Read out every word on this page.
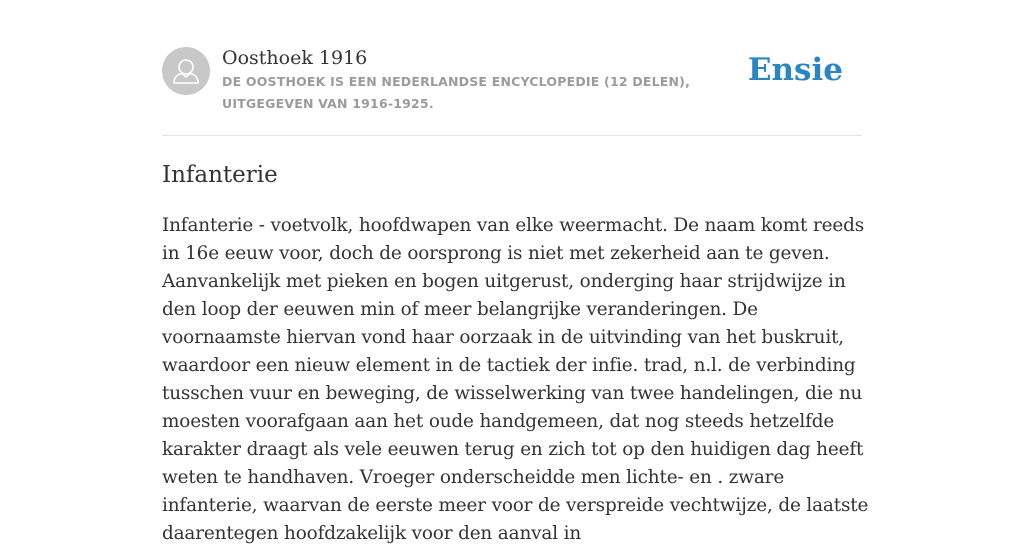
Oosthoek 1916
DE OOSTHOEK IS EEN NEDERLANDSE ENCYCLOPEDIE (12 DELEN), UITGEGEVEN VAN 1916-1925.
Ensie
Infanterie

Infanterie - voetvolk, hoofdwapen van elke weermacht. De naam komt reeds in 16e eeuw voor, doch de oorsprong is niet met zekerheid aan te geven. Aanvankelijk met pieken en bogen uitgerust, onderging haar strijdwijze in den loop der eeuwen min of meer belangrijke veranderingen. De voornaamste hiervan vond haar oorzaak in de uitvinding van het buskruit, waardoor een nieuw element in de tactiek der infie. trad, n.l. de verbinding tusschen vuur en beweging, de wisselwerking van twee handelingen, die nu moesten voorafgaan aan het oude handgemeen, dat nog steeds hetzelfde karakter draagt als vele eeuwen terug en zich tot op den huidigen dag heeft weten te handhaven. Vroeger onderscheidde men lichte- en . zware infanterie, waarvan de eerste meer voor de verspreide vechtwijze, de laatste daarentegen hoofdzakelijk voor den aanval in
